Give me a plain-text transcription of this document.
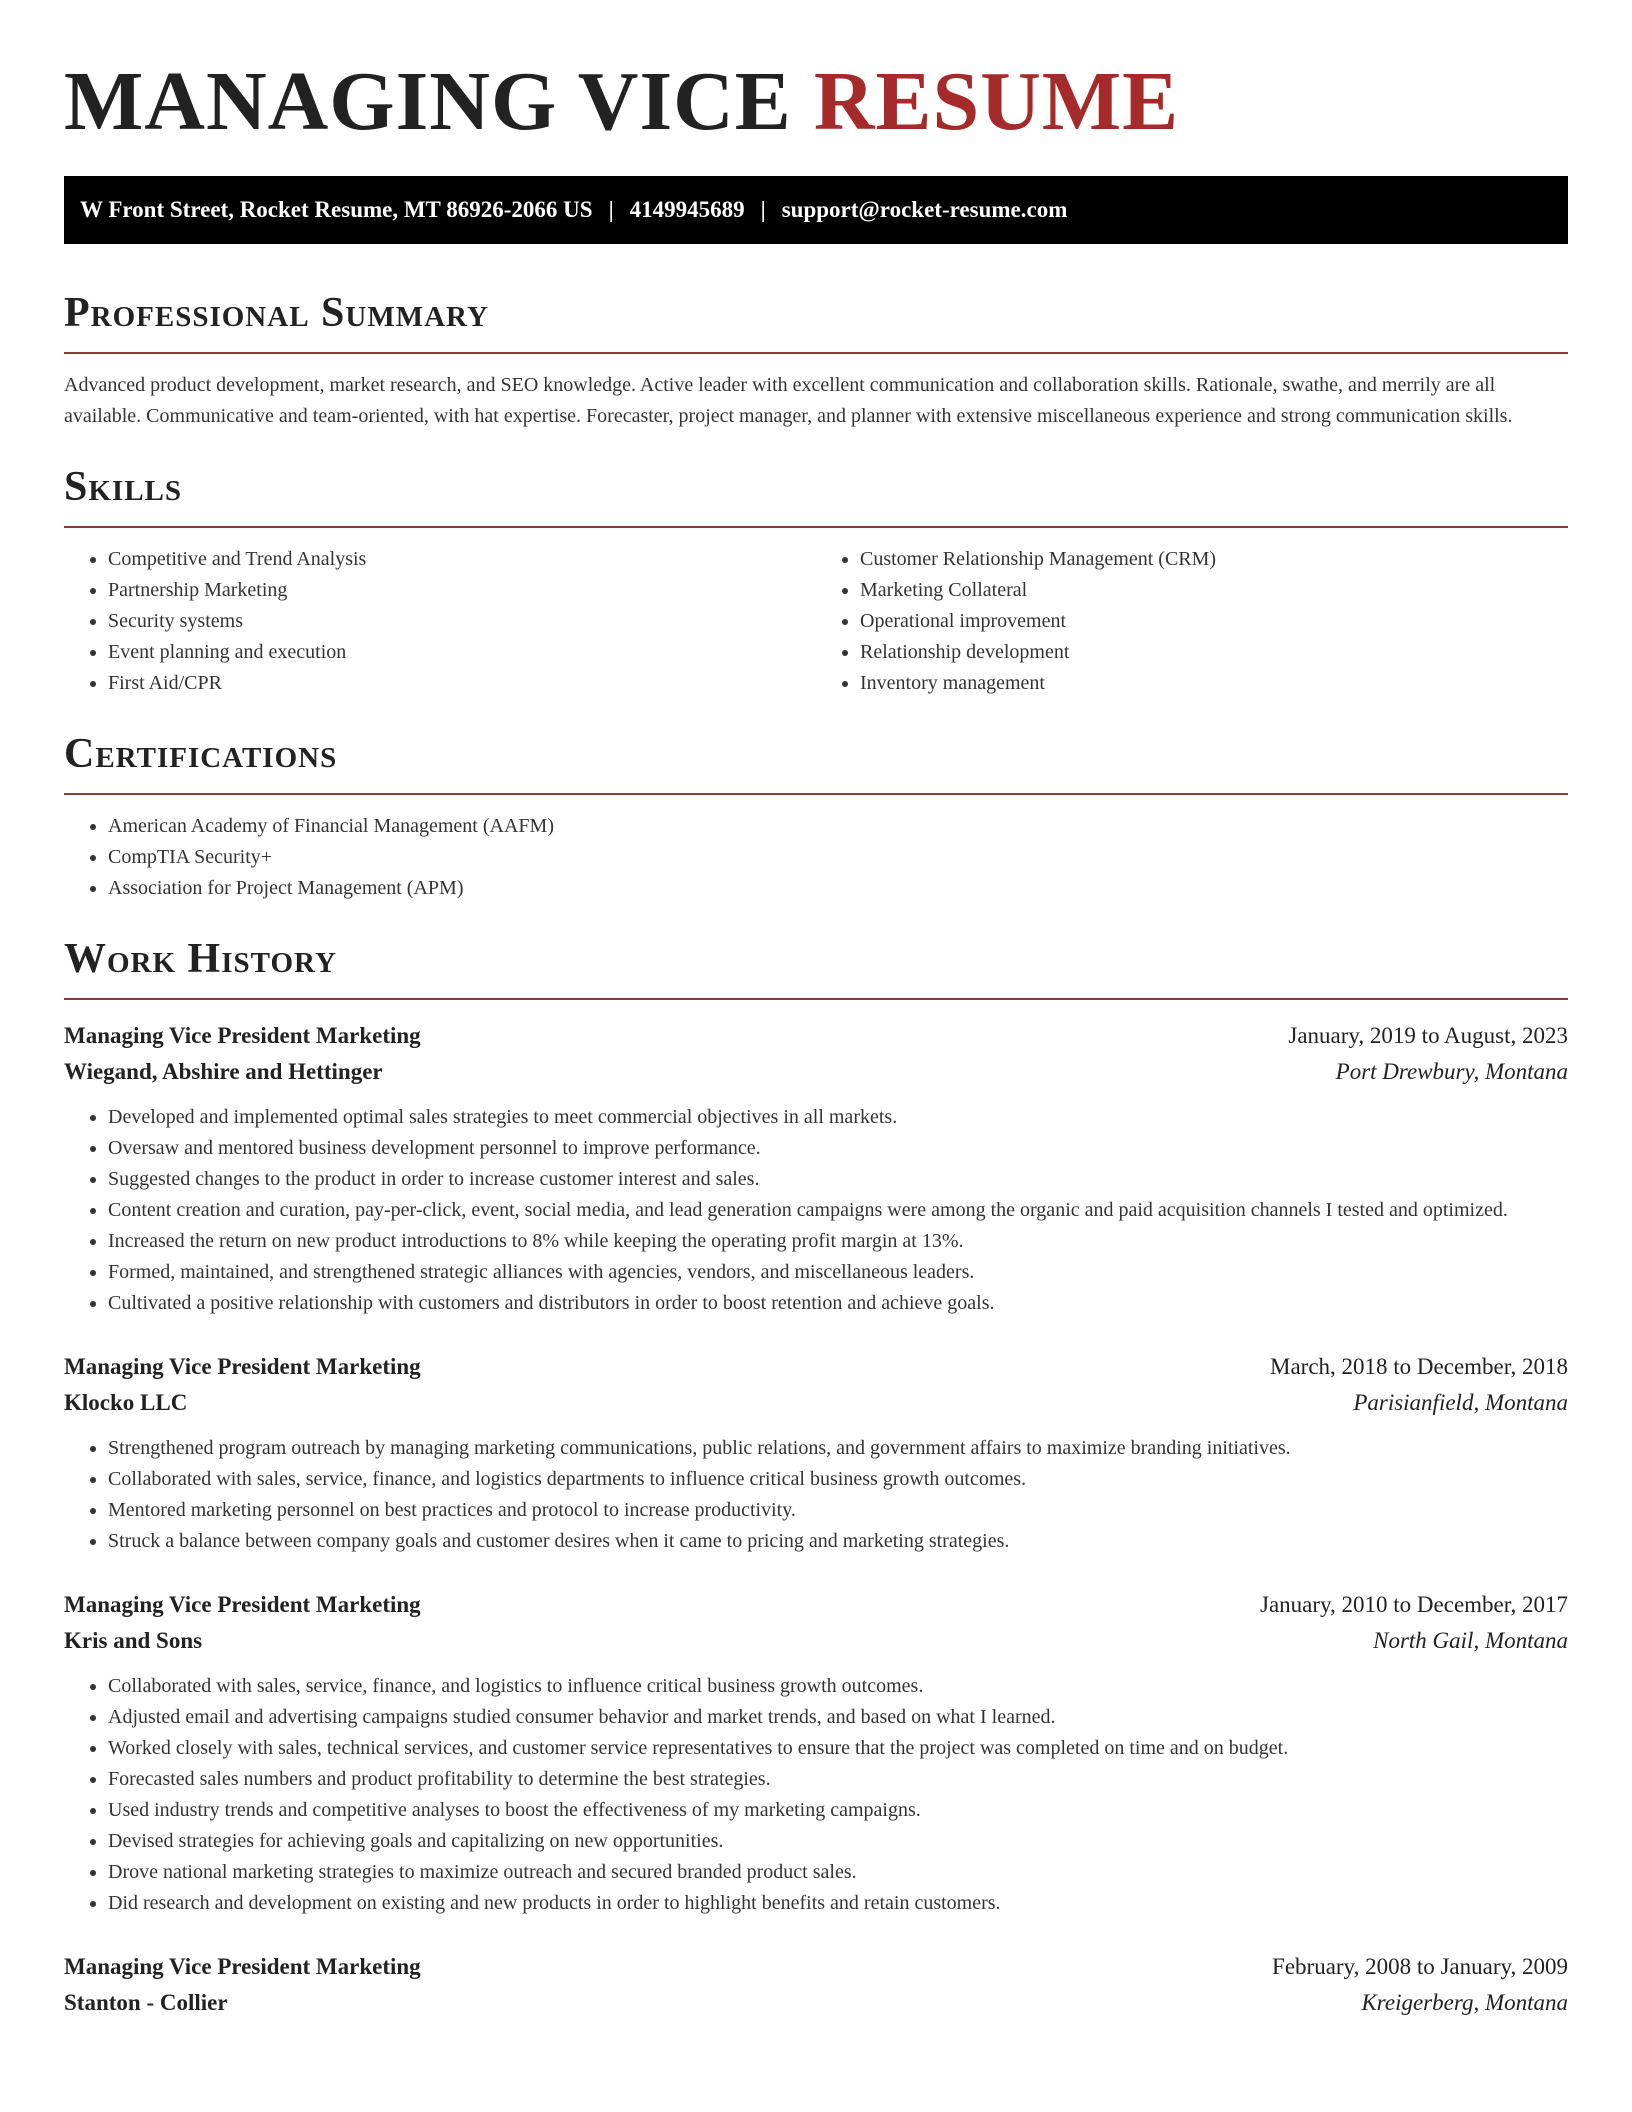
MANAGING VICE RESUME
W Front Street, Rocket Resume, MT 86926-2066 US | 4149945689 | support@rocket-resume.com
Professional Summary

Advanced product development, market research, and SEO knowledge. Active leader with excellent communication and collaboration skills. Rationale, swathe, and merrily are all available. Communicative and team-oriented, with hat expertise. Forecaster, project manager, and planner with extensive miscellaneous experience and strong communication skills.

Skills
• Competitive and Trend Analysis
• Partnership Marketing
• Security systems
• Event planning and execution
• First Aid/CPR
• Customer Relationship Management (CRM)
• Marketing Collateral
• Operational improvement
• Relationship development
• Inventory management
Certifications
• American Academy of Financial Management (AAFM)
• CompTIA Security+
• Association for Project Management (APM)
Work History
Managing Vice President Marketing	January, 2019 to August, 2023
Wiegand, Abshire and Hettinger	Port Drewbury, Montana
• Developed and implemented optimal sales strategies to meet commercial objectives in all markets.
• Oversaw and mentored business development personnel to improve performance.
• Suggested changes to the product in order to increase customer interest and sales.
• Content creation and curation, pay-per-click, event, social media, and lead generation campaigns were among the organic and paid acquisition channels I tested and optimized.
• Increased the return on new product introductions to 8% while keeping the operating profit margin at 13%.
• Formed, maintained, and strengthened strategic alliances with agencies, vendors, and miscellaneous leaders.
• Cultivated a positive relationship with customers and distributors in order to boost retention and achieve goals.
Managing Vice President Marketing	March, 2018 to December, 2018
Klocko LLC	Parisianfield, Montana
• Strengthened program outreach by managing marketing communications, public relations, and government affairs to maximize branding initiatives.
• Collaborated with sales, service, finance, and logistics departments to influence critical business growth outcomes.
• Mentored marketing personnel on best practices and protocol to increase productivity.
• Struck a balance between company goals and customer desires when it came to pricing and marketing strategies.
Managing Vice President Marketing	January, 2010 to December, 2017
Kris and Sons	North Gail, Montana
• Collaborated with sales, service, finance, and logistics to influence critical business growth outcomes.
• Adjusted email and advertising campaigns studied consumer behavior and market trends, and based on what I learned.
• Worked closely with sales, technical services, and customer service representatives to ensure that the project was completed on time and on budget.
• Forecasted sales numbers and product profitability to determine the best strategies.
• Used industry trends and competitive analyses to boost the effectiveness of my marketing campaigns.
• Devised strategies for achieving goals and capitalizing on new opportunities.
• Drove national marketing strategies to maximize outreach and secured branded product sales.
• Did research and development on existing and new products in order to highlight benefits and retain customers.
Managing Vice President Marketing	February, 2008 to January, 2009
Stanton - Collier	Kreigerberg, Montana
